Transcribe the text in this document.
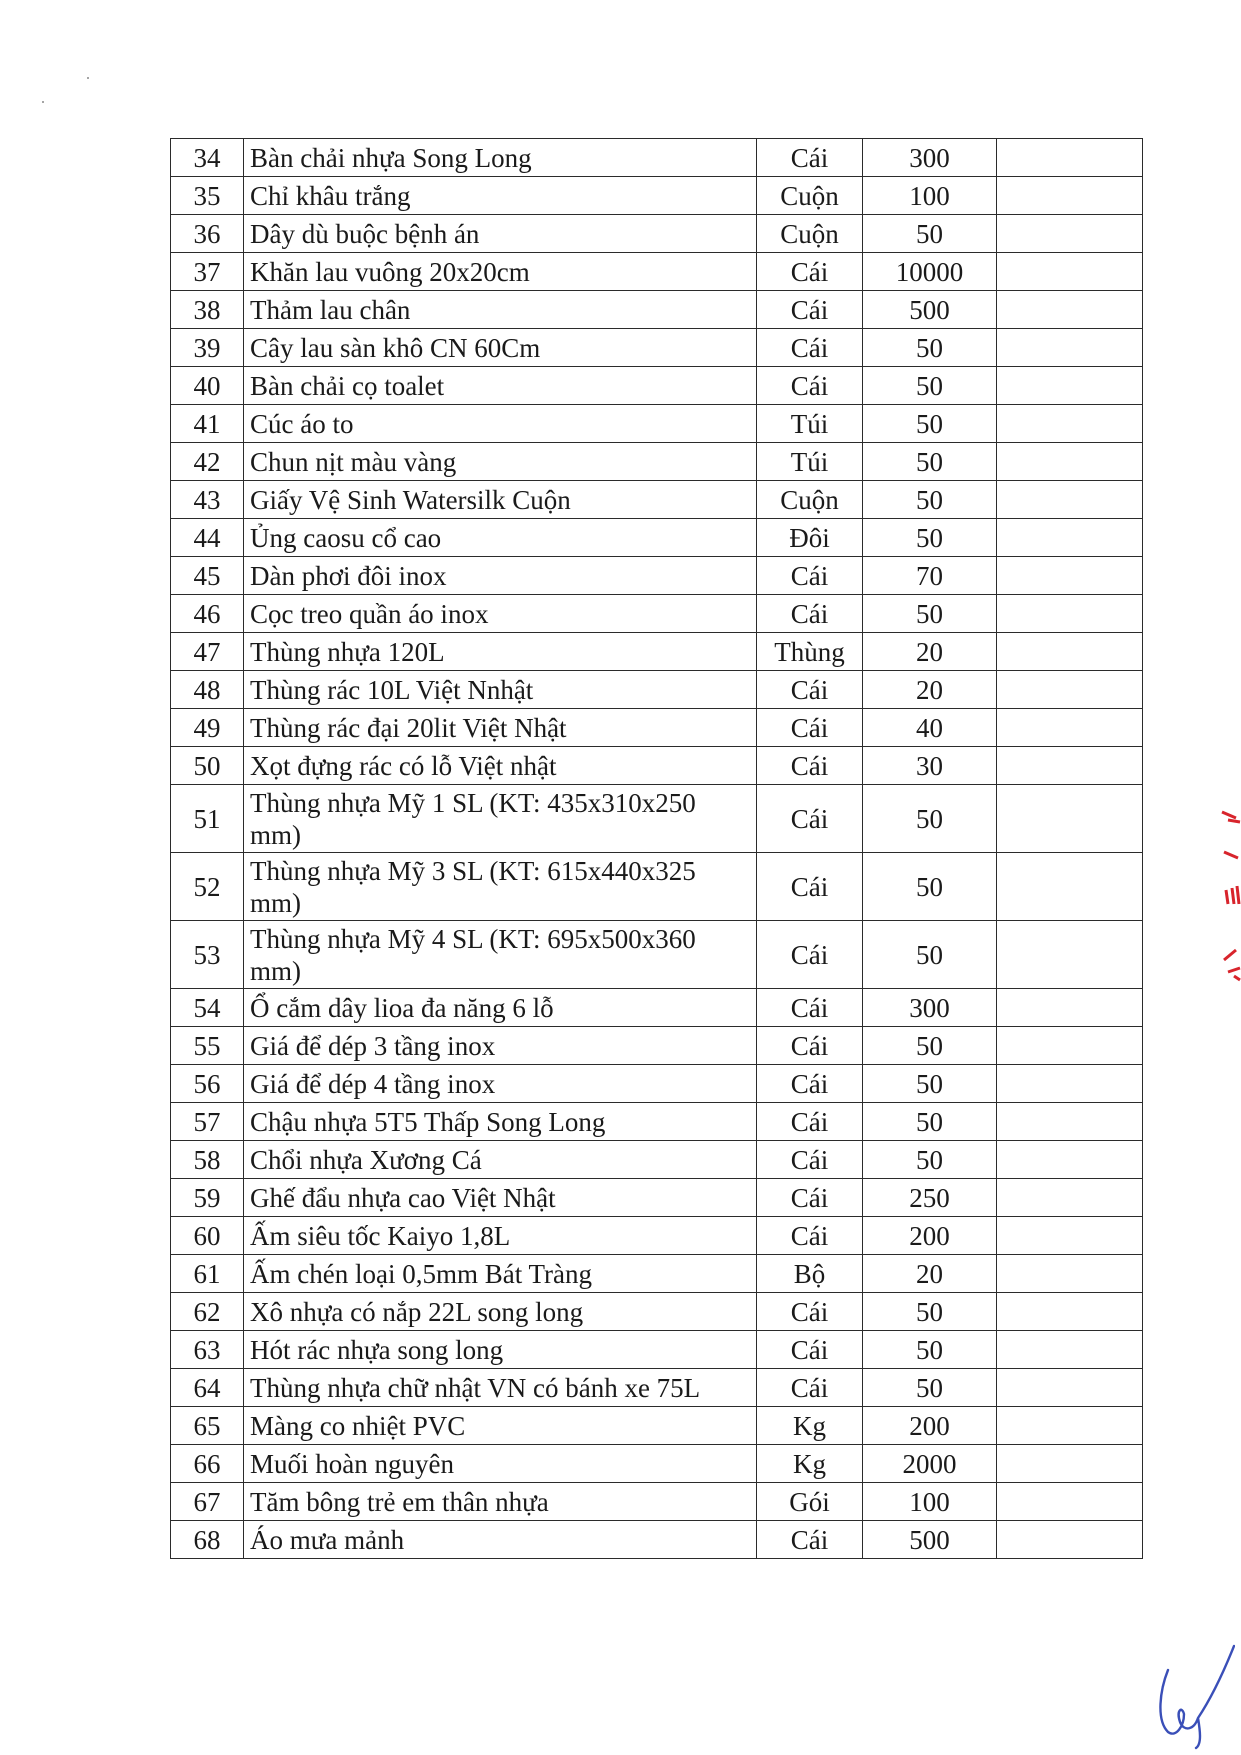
34	Bàn chải nhựa Song Long	Cái	300	
35	Chỉ khâu trắng	Cuộn	100	
36	Dây dù buộc bệnh án	Cuộn	50	
37	Khăn lau vuông 20x20cm	Cái	10000	
38	Thảm lau chân	Cái	500	
39	Cây lau sàn khô CN 60Cm	Cái	50	
40	Bàn chải cọ toalet	Cái	50	
41	Cúc áo to	Túi	50	
42	Chun nịt màu vàng	Túi	50	
43	Giấy Vệ Sinh Watersilk Cuộn	Cuộn	50	
44	Ủng caosu cổ cao	Đôi	50	
45	Dàn phơi đôi inox	Cái	70	
46	Cọc treo quần áo inox	Cái	50	
47	Thùng nhựa 120L	Thùng	20	
48	Thùng rác 10L Việt Nnhật	Cái	20	
49	Thùng rác đại 20lit Việt Nhật	Cái	40	
50	Xọt đựng rác có lỗ Việt nhật	Cái	30	
51	Thùng nhựa Mỹ 1 SL (KT: 435x310x250 mm)	Cái	50	
52	Thùng nhựa Mỹ 3 SL (KT: 615x440x325 mm)	Cái	50	
53	Thùng nhựa Mỹ 4 SL (KT: 695x500x360 mm)	Cái	50	
54	Ổ cắm dây lioa đa năng 6 lỗ	Cái	300	
55	Giá để dép 3 tầng inox	Cái	50	
56	Giá để dép 4 tầng inox	Cái	50	
57	Chậu nhựa 5T5 Thấp Song Long	Cái	50	
58	Chổi nhựa Xương Cá	Cái	50	
59	Ghế đẩu nhựa cao Việt Nhật	Cái	250	
60	Ấm siêu tốc Kaiyo 1,8L	Cái	200	
61	Ấm chén loại 0,5mm Bát Tràng	Bộ	20	
62	Xô nhựa có nắp 22L song long	Cái	50	
63	Hót rác nhựa song long	Cái	50	
64	Thùng nhựa chữ nhật VN có bánh xe 75L	Cái	50	
65	Màng co nhiệt PVC	Kg	200	
66	Muối hoàn nguyên	Kg	2000	
67	Tăm bông trẻ em thân nhựa	Gói	100	
68	Áo mưa mảnh	Cái	500	
